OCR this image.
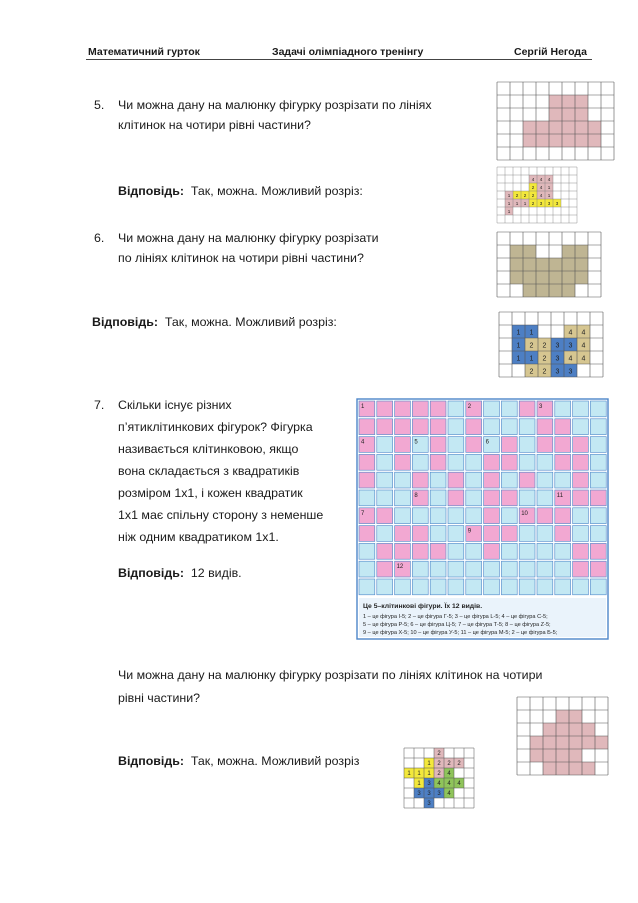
Математичний гурток	Задачі олімпіадного тренінгу	Сергій Негода
5. Чи можна дану на малюнку фігурку розрізати по лініях
клітинок на чотири рівні частини?
Відповідь: Так, можна. Можливий розріз:
4 4 4
2 4 1
1 2 2 2 4 1
1 1 1 2 3 3 3
1
6. Чи можна дану на малюнку фігурку розрізати
по лініях клітинок на чотири рівні частини?
Відповідь: Так, можна. Можливий розріз:
1 1	4 4
1 2 2 3 3 4
1 1 2 3 4 4
2 2 3 3
7. Скільки існує різних
п’ятиклітинкових фігурок? Фігурка
називається клітинковою, якщо
вона складається з квадратиків
розміром 1х1, і кожен квадратик
1х1 має спільну сторону з неменше
ніж одним квадратиком 1х1.
Відповідь: 12 видів.
1	2	3
4	5	6
8	11
7	10
9
12
Це 5–клітинкові фігури. Їх 12 видів.
1 – це фігура І-5; 2 – це фігура Г-5; 3 – це фігура L-5; 4 – це фігура С-5;
5 – це фігура Р-5; 6 – це фігура Ц-5; 7 – це фігура Т-5; 8 – це фігура Z-5;
9 – це фігура Х-5; 10 – це фігура У-5; 11 – це фігура М-5; 2 – це фігура Б-5;
Чи можна дану на малюнку фігурку розрізати по лініях клітинок на чотири
рівні частини?
Відповідь: Так, можна. Можливий розріз	2
1 2 2 2
1 1 1 2 4
1 3 4 4 4
3 3 3 4
3
